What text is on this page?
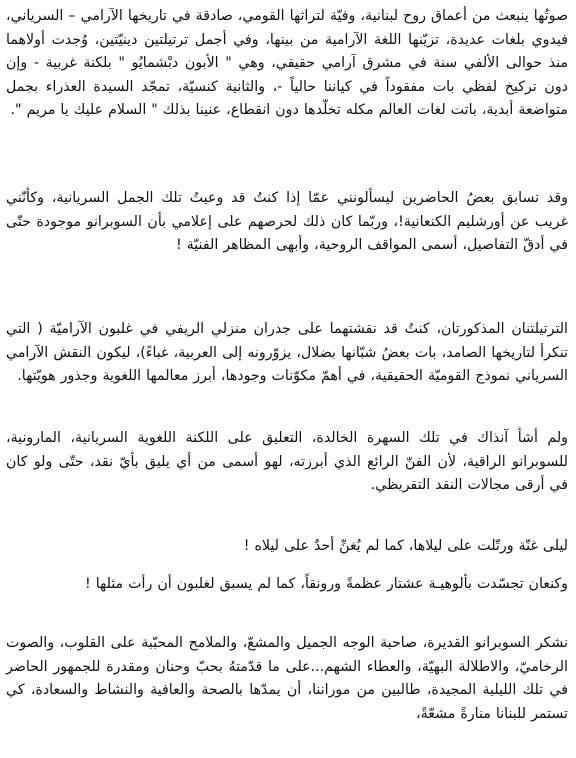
صوتُها ينبعث من أعماق روح لبنانية، وفيّة لتراثها القومي، صادقة في تاريخها الآرامي – السرياني، فيدوي بلغات عديدة، تزيّنها اللغة الآرامية من بينها، وفي أجمل ترتيلتين دينيّتين، وُجدت أولاهما منذ حوالى الألفي سنة في مشرق آرامي حقيقي، وهي " الأبون دبْشمايُو " بلكنة غربية - وإن دون تركيخ لفظي بات مفقوداً في كياننا حالياً -، والثانية كنسيّة، تمجّد السيدة العذراء بجمل متواضعة أبدية، باتت لغات العالم مكله تخلّدها دون انقطاع، عنينا بذلك " السلام عليك يا مريم ".

وقد تسابق بعضُ الحاضرين ليسألونني عمّا إذا كنتُ قد وعيتُ تلك الجمل السريانية، وكأنّني غريب عن أورشليم الكنعانية!، وربّما كان ذلك لحرصهم على إعلامي بأن السوبرانو موجودة حتّى في أدقّ التفاصيل، أسمى المواقف الروحية، وأبهى المظاهر الفنيّة !

الترتيلتنان المذكورتان، كنتُ قد نقشتهما على جدران منزلي الريفي في غلبون الآراميّة ( التي تنكرأ لتاريخها الصامد، بات بعضُ شبّانها بضلال، يزوّرونه إلى العربية، غباءً)، ليكون النقش الآرامي السرياني نموذج القوميّة الحقيقية، في أهمّ مكوّنات وجودها، أبرز معالمها اللغوية وجذور هويّتها.

ولم أشأ آنذاك في تلك السهرة الخالدة، التعليق على اللكنة اللغوية السريانية، المارونية، للسوبرانو الراقية، لأن الفنّ الرائع الذي أبرزته، لهو أسمى من أي يليق بأيّ نقد، حتّى ولو كان في أرقى مجالات النقد التقريظي.

ليلى غنّة ورتّلت على ليلاها، كما لم يُغنِّ أحدٌ على ليلاه !

وكنعان تجسّدت بألوهيـة عشتار عظمةً ورونقاً، كما لم يسبق لغلبون أن رأت مثلها !

نشكر السوبرانو القديرة، صاحبة الوجه الجميل والمشعّ، والملامح المحبّبة على القلوب، والصوت الرخاميّ، والاطلالة البهيّة، والعطاء الشهم...على ما قدّمتهُ بحبّ وحنان ومقدرة للجمهور الحاضر في تلك الليلية المجيدة، طالبين من موراننا، أن يمدّها بالصحة والعافية والنشاط والسعادة، كي تستمر للبنانا منارةً مشعّةً،
